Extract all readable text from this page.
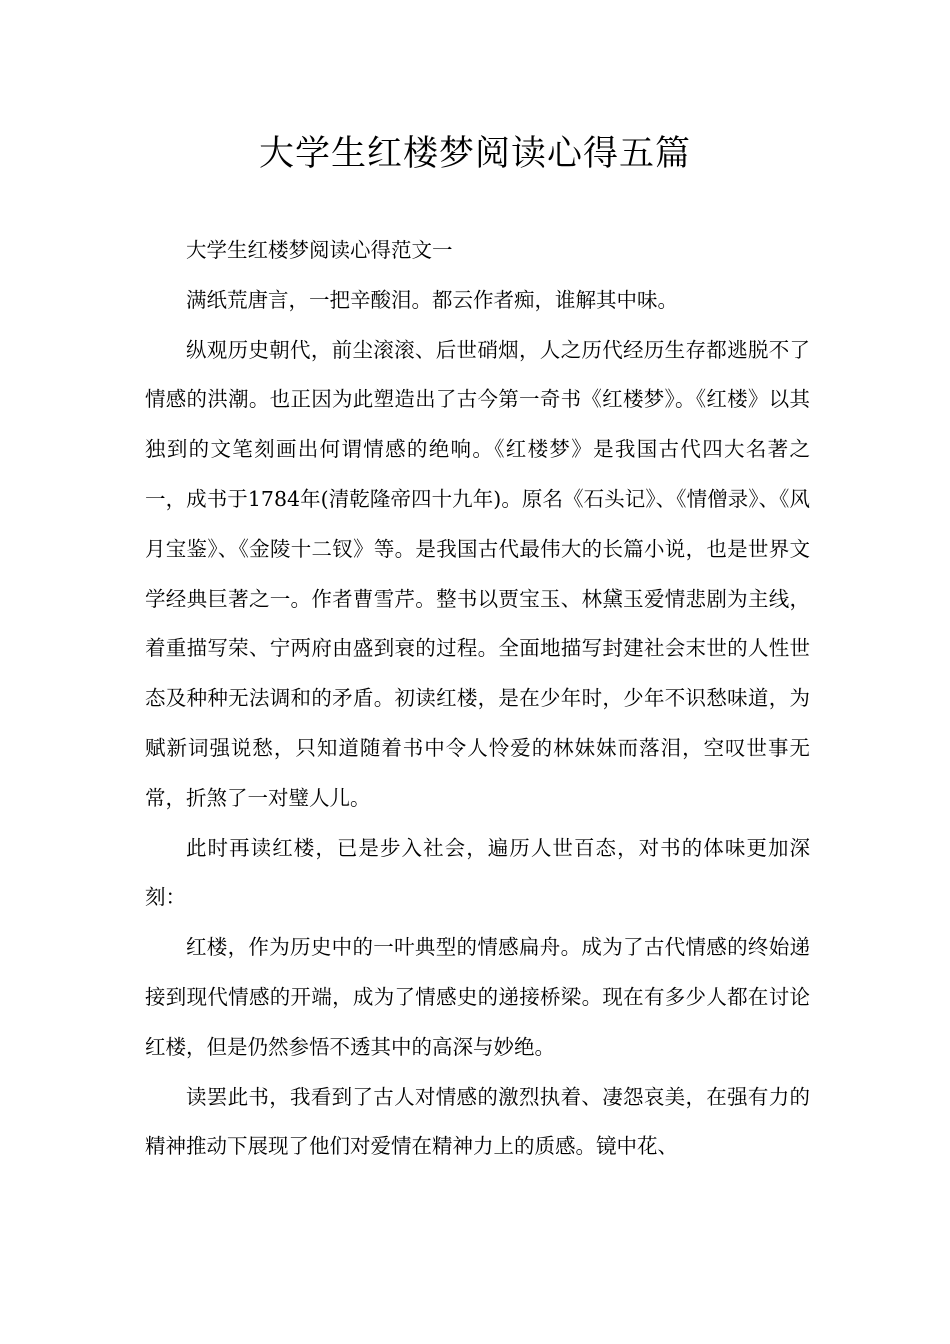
大学生红楼梦阅读心得五篇

大学生红楼梦阅读心得范文一

满纸荒唐言，一把辛酸泪。都云作者痴，谁解其中味。

纵观历史朝代，前尘滚滚、后世硝烟，人之历代经历生存都逃脱不了情感的洪潮。也正因为此塑造出了古今第一奇书《红楼梦》。《红楼》以其独到的文笔刻画出何谓情感的绝响。《红楼梦》是我国古代四大名著之一，成书于1784年(清乾隆帝四十九年)。原名《石头记》、《情僧录》、《风月宝鉴》、《金陵十二钗》等。是我国古代最伟大的长篇小说，也是世界文学经典巨著之一。作者曹雪芹。整书以贾宝玉、林黛玉爱情悲剧为主线，着重描写荣、宁两府由盛到衰的过程。全面地描写封建社会末世的人性世态及种种无法调和的矛盾。初读红楼，是在少年时，少年不识愁味道，为赋新词强说愁，只知道随着书中令人怜爱的林妹妹而落泪，空叹世事无常，折煞了一对璧人儿。

此时再读红楼，已是步入社会，遍历人世百态，对书的体味更加深刻：

红楼，作为历史中的一叶典型的情感扁舟。成为了古代情感的终始递接到现代情感的开端，成为了情感史的递接桥梁。现在有多少人都在讨论红楼，但是仍然参悟不透其中的高深与妙绝。

读罢此书，我看到了古人对情感的激烈执着、凄怨哀美，在强有力的精神推动下展现了他们对爱情在精神力上的质感。镜中花、
